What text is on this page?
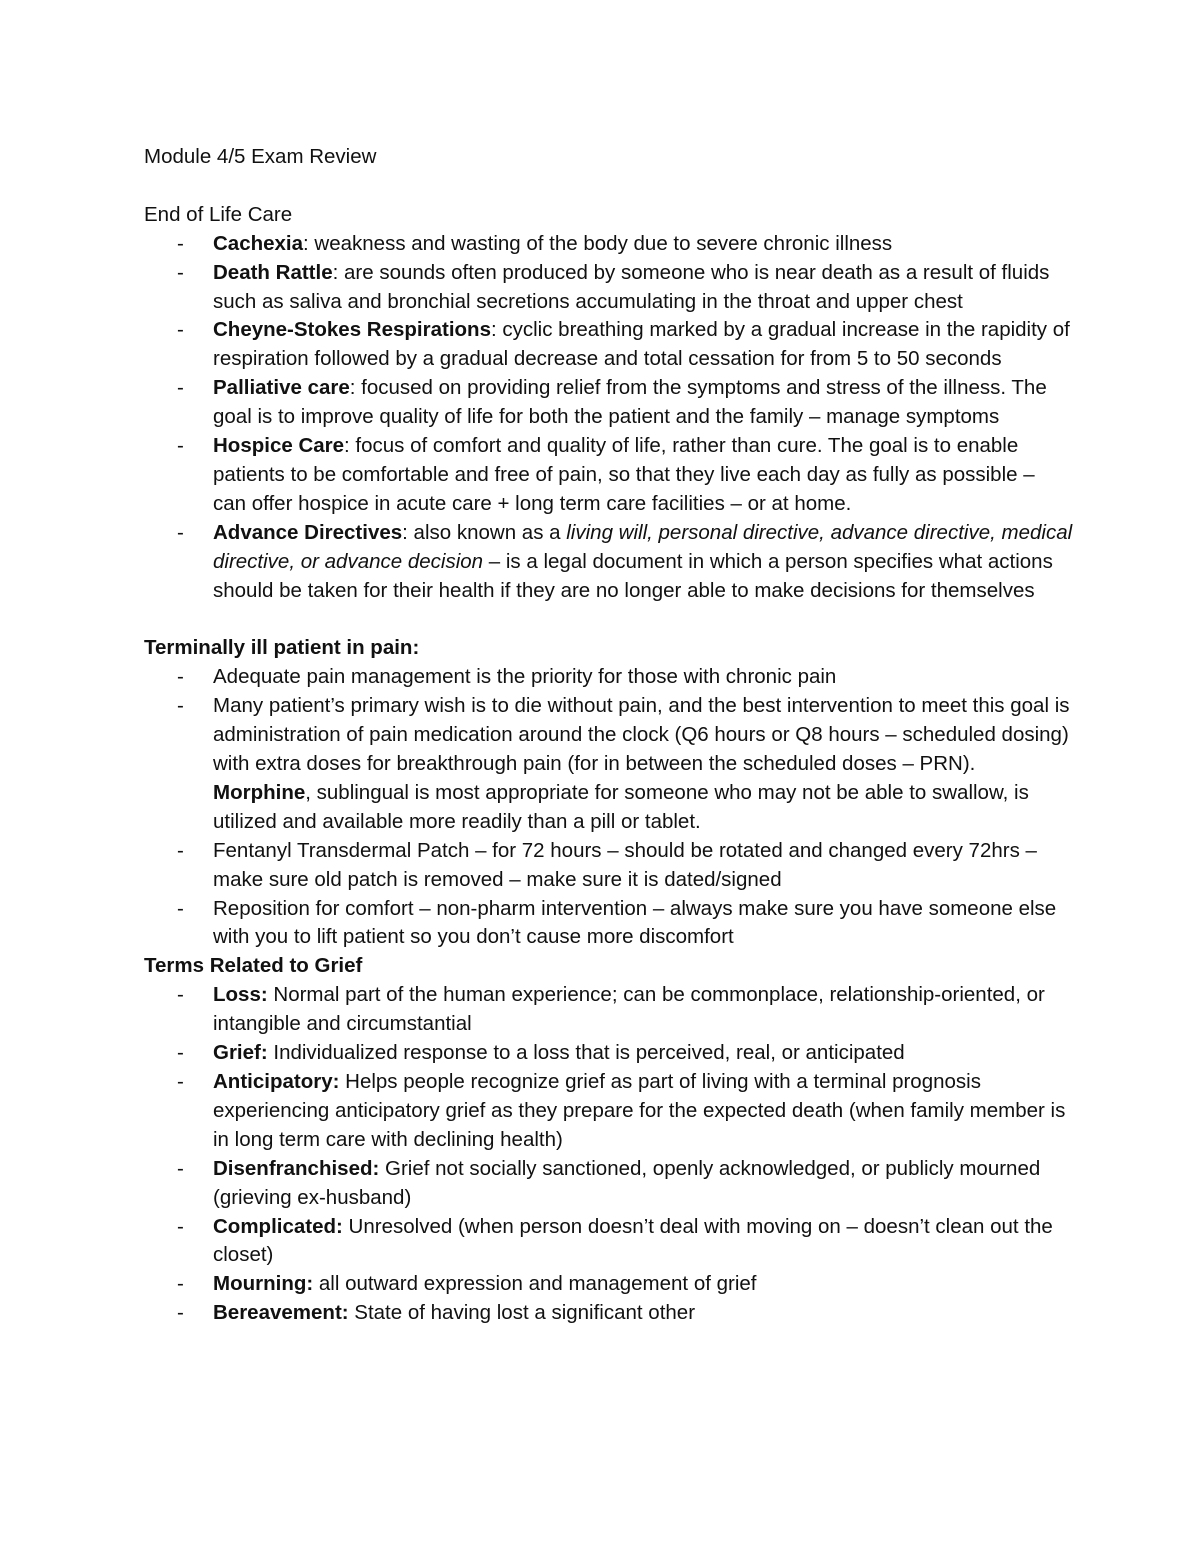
Module 4/5 Exam Review

End of Life Care

- Cachexia: weakness and wasting of the body due to severe chronic illness
- Death Rattle: are sounds often produced by someone who is near death as a result of fluids such as saliva and bronchial secretions accumulating in the throat and upper chest
- Cheyne-Stokes Respirations: cyclic breathing marked by a gradual increase in the rapidity of respiration followed by a gradual decrease and total cessation for from 5 to 50 seconds
- Palliative care: focused on providing relief from the symptoms and stress of the illness. The goal is to improve quality of life for both the patient and the family – manage symptoms
- Hospice Care: focus of comfort and quality of life, rather than cure. The goal is to enable patients to be comfortable and free of pain, so that they live each day as fully as possible – can offer hospice in acute care + long term care facilities – or at home.
- Advance Directives: also known as a living will, personal directive, advance directive, medical directive, or advance decision – is a legal document in which a person specifies what actions should be taken for their health if they are no longer able to make decisions for themselves

Terminally ill patient in pain:

- Adequate pain management is the priority for those with chronic pain
- Many patient’s primary wish is to die without pain, and the best intervention to meet this goal is administration of pain medication around the clock (Q6 hours or Q8 hours – scheduled dosing) with extra doses for breakthrough pain (for in between the scheduled doses – PRN). Morphine, sublingual is most appropriate for someone who may not be able to swallow, is utilized and available more readily than a pill or tablet.
- Fentanyl Transdermal Patch – for 72 hours – should be rotated and changed every 72hrs – make sure old patch is removed – make sure it is dated/signed
- Reposition for comfort – non-pharm intervention – always make sure you have someone else with you to lift patient so you don’t cause more discomfort

Terms Related to Grief

- Loss: Normal part of the human experience; can be commonplace, relationship-oriented, or intangible and circumstantial
- Grief: Individualized response to a loss that is perceived, real, or anticipated
- Anticipatory: Helps people recognize grief as part of living with a terminal prognosis experiencing anticipatory grief as they prepare for the expected death (when family member is in long term care with declining health)
- Disenfranchised: Grief not socially sanctioned, openly acknowledged, or publicly mourned (grieving ex-husband)
- Complicated: Unresolved (when person doesn’t deal with moving on – doesn’t clean out the closet)
- Mourning: all outward expression and management of grief
- Bereavement: State of having lost a significant other
